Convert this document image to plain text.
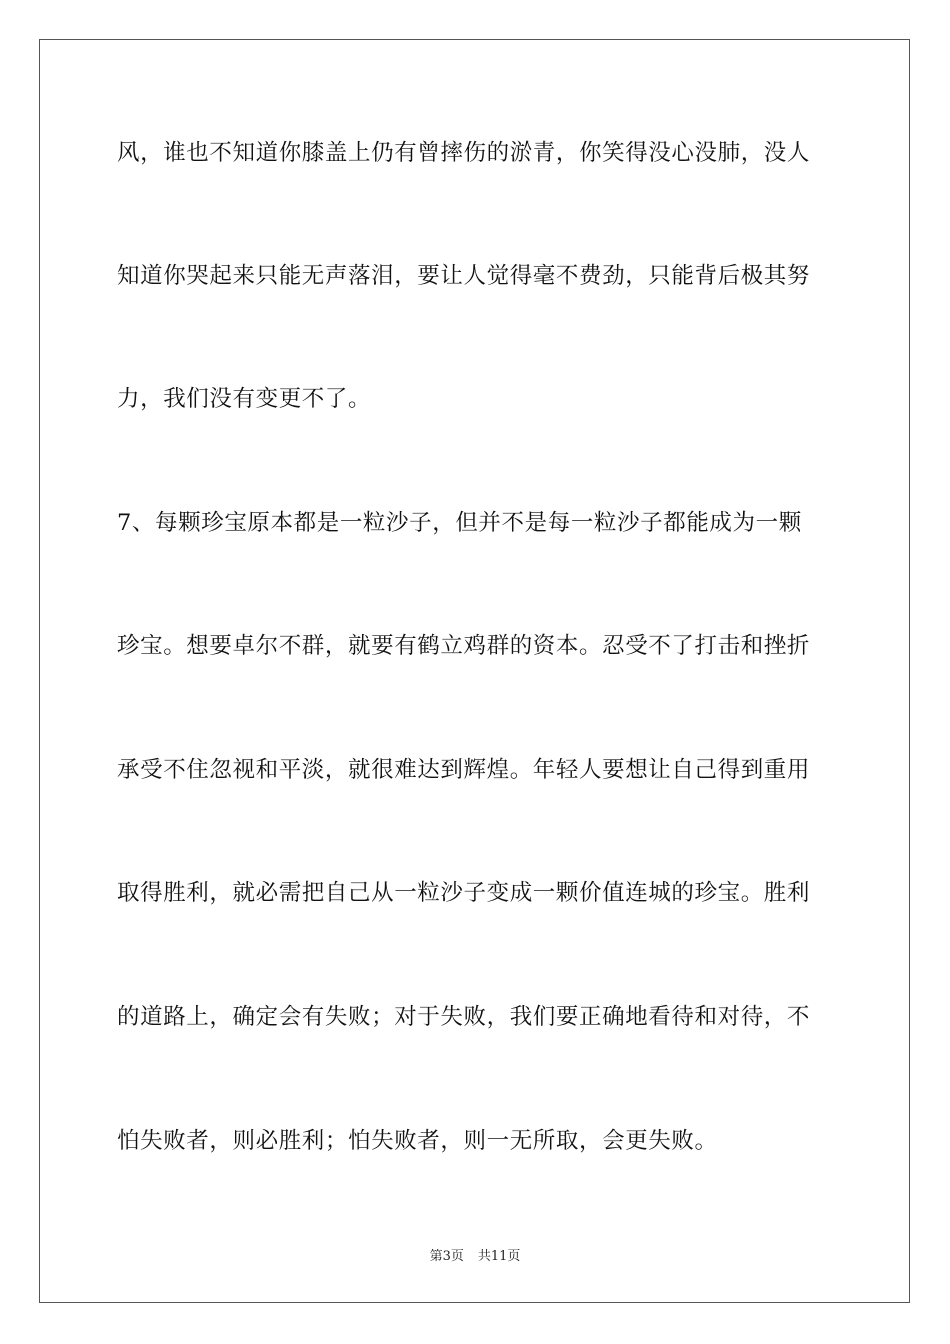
风，谁也不知道你膝盖上仍有曾摔伤的淤青，你笑得没心没肺，没人
知道你哭起来只能无声落泪，要让人觉得毫不费劲，只能背后极其努
力，我们没有变更不了。
7、每颗珍宝原本都是一粒沙子，但并不是每一粒沙子都能成为一颗
珍宝。想要卓尔不群，就要有鹤立鸡群的资本。忍受不了打击和挫折
承受不住忽视和平淡，就很难达到辉煌。年轻人要想让自己得到重用
取得胜利，就必需把自己从一粒沙子变成一颗价值连城的珍宝。胜利
的道路上，确定会有失败；对于失败，我们要正确地看待和对待，不
怕失败者，则必胜利；怕失败者，则一无所取，会更失败。
第3页 共11页
